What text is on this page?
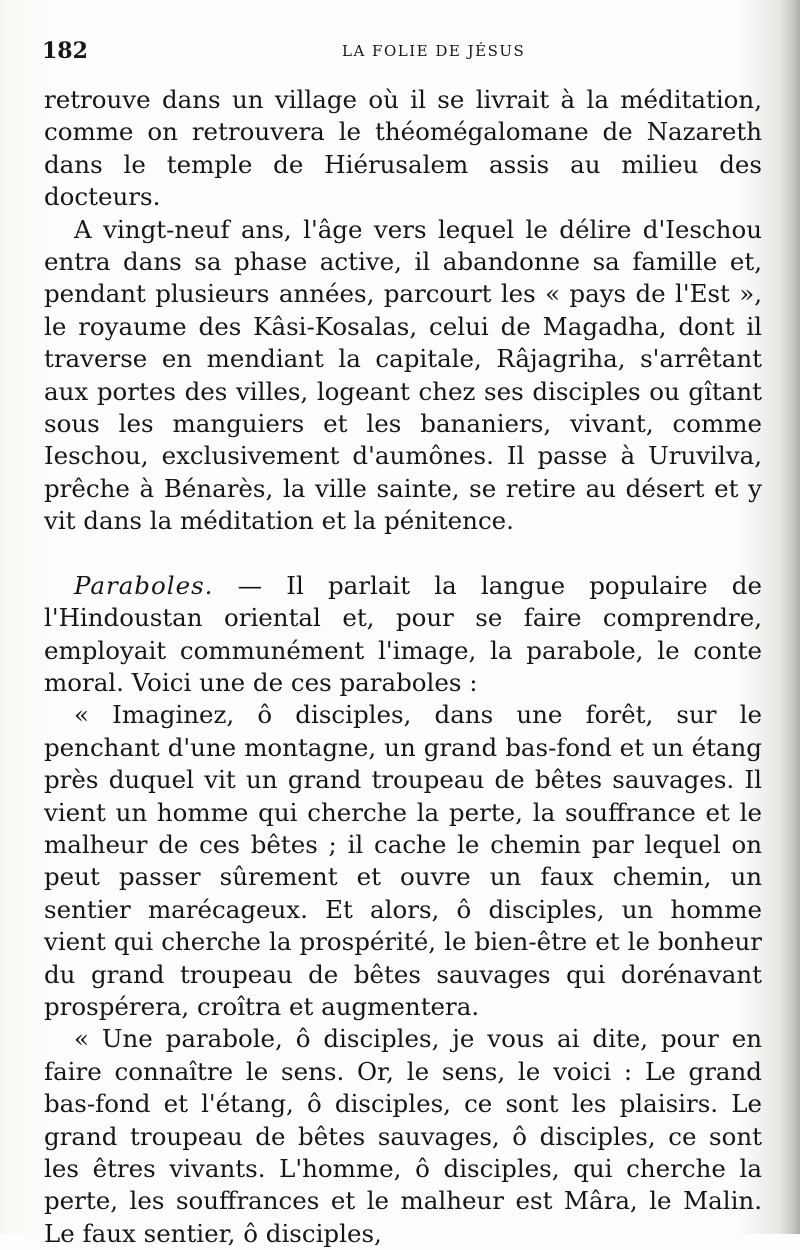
182	LA FOLIE DE JÉSUS

retrouve dans un village où il se livrait à la méditation, comme on retrouvera le théomégalomane de Nazareth dans le temple de Hiérusalem assis au milieu des docteurs.

A vingt-neuf ans, l'âge vers lequel le délire d'Ieschou entra dans sa phase active, il abandonne sa famille et, pendant plusieurs années, parcourt les « pays de l'Est », le royaume des Kâsi-Kosalas, celui de Magadha, dont il traverse en mendiant la capitale, Râjagriha, s'arrêtant aux portes des villes, logeant chez ses disciples ou gîtant sous les manguiers et les bananiers, vivant, comme Ieschou, exclusivement d'aumônes. Il passe à Uruvilva, prêche à Bénarès, la ville sainte, se retire au désert et y vit dans la méditation et la pénitence.

Paraboles. — Il parlait la langue populaire de l'Hindoustan oriental et, pour se faire comprendre, employait communément l'image, la parabole, le conte moral. Voici une de ces paraboles :

« Imaginez, ô disciples, dans une forêt, sur le penchant d'une montagne, un grand bas-fond et un étang près duquel vit un grand troupeau de bêtes sauvages. Il vient un homme qui cherche la perte, la souffrance et le malheur de ces bêtes ; il cache le chemin par lequel on peut passer sûrement et ouvre un faux chemin, un sentier marécageux. Et alors, ô disciples, un homme vient qui cherche la prospérité, le bien-être et le bonheur du grand troupeau de bêtes sauvages qui dorénavant prospérera, croîtra et augmentera.

« Une parabole, ô disciples, je vous ai dite, pour en faire connaître le sens. Or, le sens, le voici : Le grand bas-fond et l'étang, ô disciples, ce sont les plaisirs. Le grand troupeau de bêtes sauvages, ô disciples, ce sont les êtres vivants. L'homme, ô disciples, qui cherche la perte, les souffrances et le malheur est Mâra, le Malin. Le faux sentier, ô disciples,
